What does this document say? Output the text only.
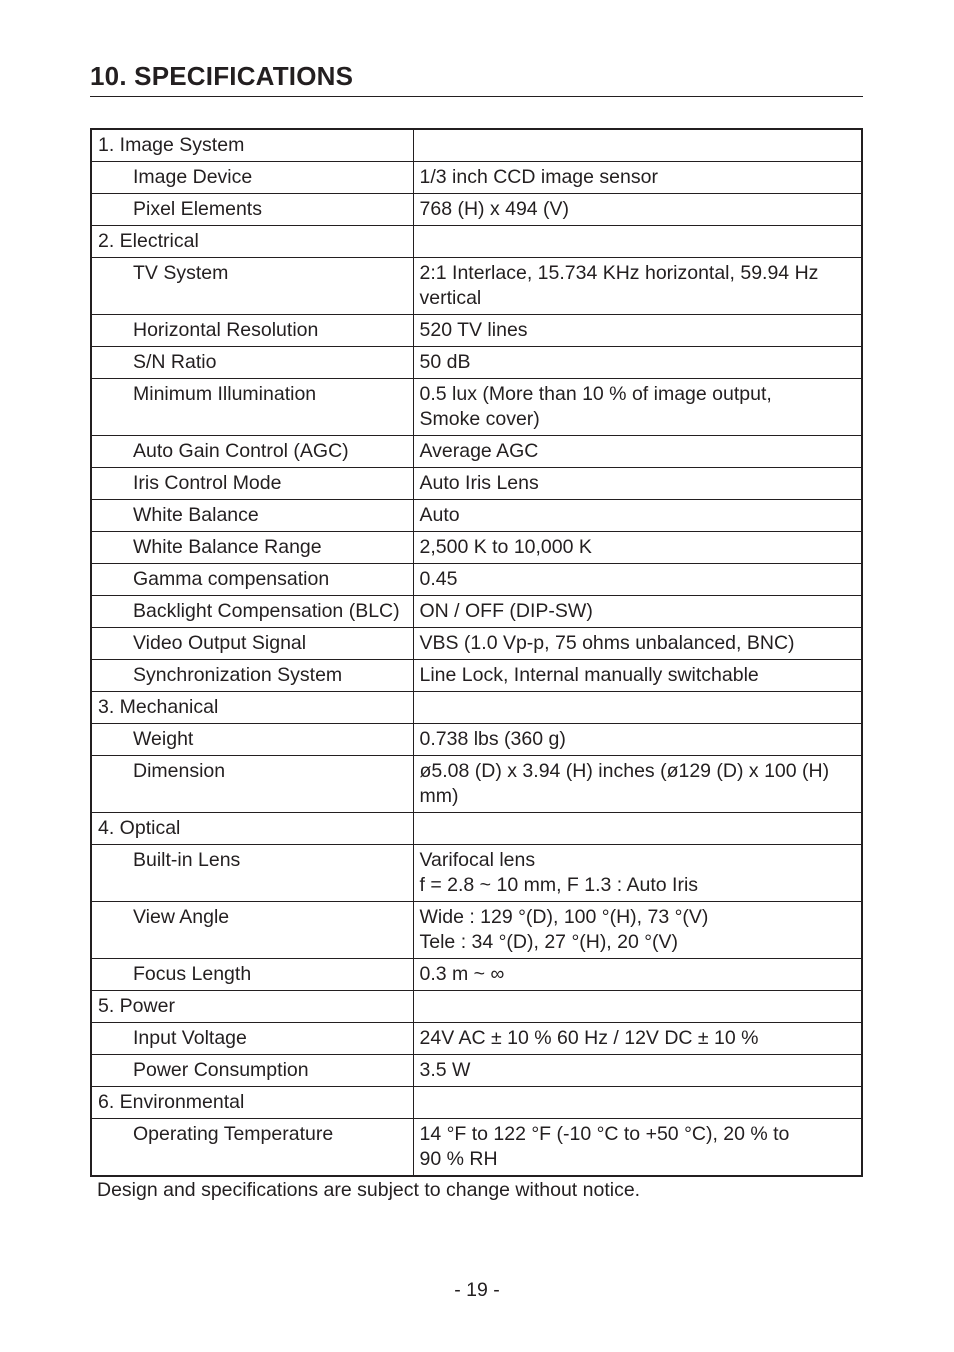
10. SPECIFICATIONS
1. Image System	
Image Device	1/3 inch CCD image sensor

Pixel Elements	768 (H) x 494 (V)

2. Electrical	
TV System	2:1 Interlace, 15.734 KHz horizontal, 59.94 Hz
vertical

Horizontal Resolution	520 TV lines

S/N Ratio	50 dB

Minimum Illumination	0.5 lux (More than 10 % of image output,
Smoke cover)

Auto Gain Control (AGC)	Average AGC

Iris Control Mode	Auto Iris Lens

White Balance	Auto

White Balance Range	2,500 K to 10,000 K

Gamma compensation	0.45

Backlight Compensation (BLC)	ON / OFF (DIP-SW)

Video Output Signal	VBS (1.0 Vp-p, 75 ohms unbalanced, BNC)

Synchronization System	Line Lock, Internal manually switchable

3. Mechanical	
Weight	0.738 lbs (360 g)

Dimension	ø5.08 (D) x 3.94 (H) inches (ø129 (D) x 100 (H)
mm)

4. Optical	
Built-in Lens	Varifocal lens
f = 2.8 ~ 10 mm, F 1.3 : Auto Iris

View Angle	Wide : 129 °(D), 100 °(H), 73 °(V)
Tele : 34 °(D), 27 °(H), 20 °(V)

Focus Length	0.3 m ~ ∞

5. Power	
Input Voltage	24V AC ± 10 % 60 Hz / 12V DC ± 10 %

Power Consumption	3.5 W

6. Environmental	
Operating Temperature	14 °F to 122 °F (-10 °C to +50 °C), 20 % to
90 % RH

Design and specifications are subject to change without notice.

- 19 -
